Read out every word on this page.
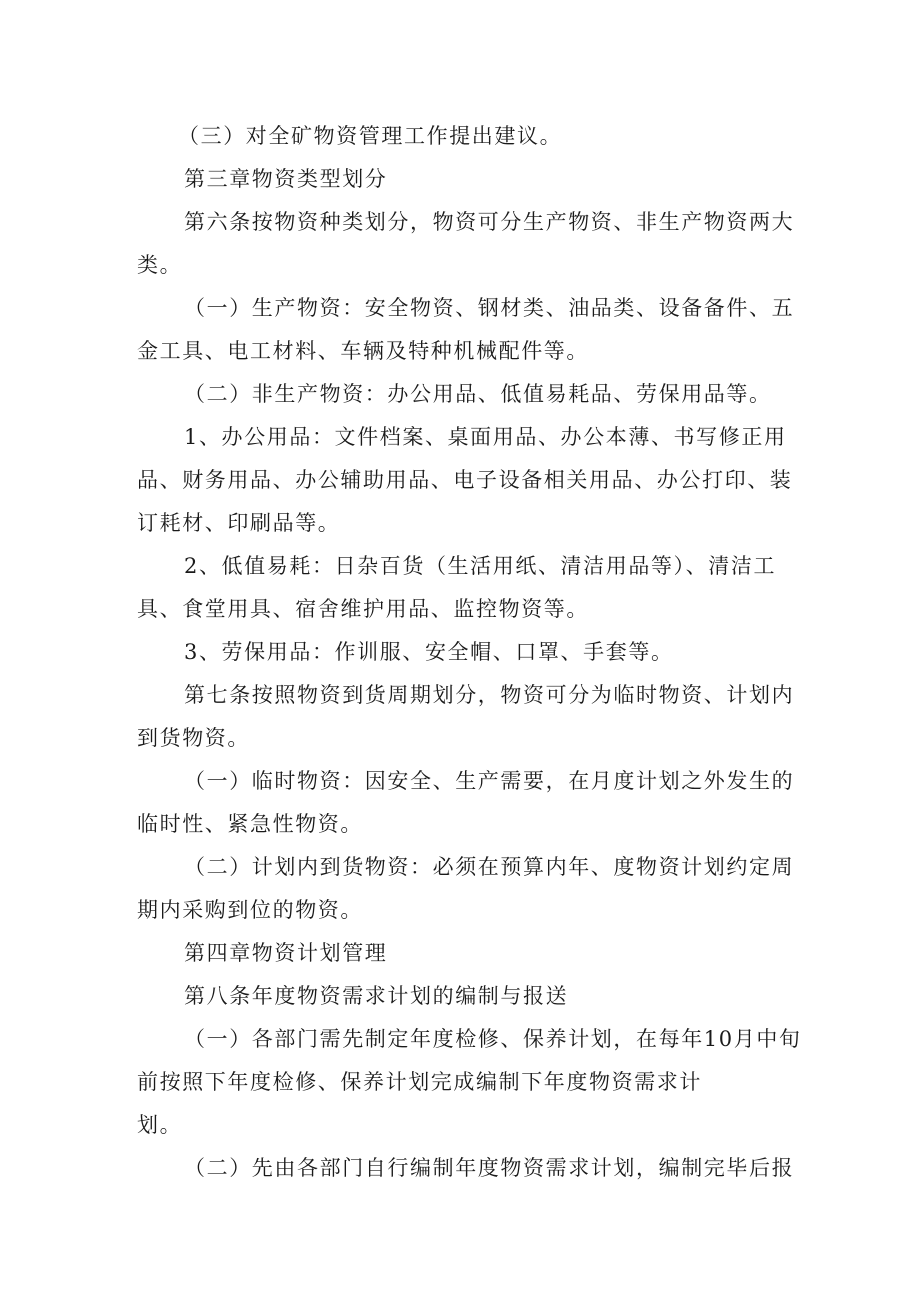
（三）对全矿物资管理工作提出建议。
第三章物资类型划分
第六条按物资种类划分，物资可分生产物资、非生产物资两大
类。
（一）生产物资：安全物资、钢材类、油品类、设备备件、五
金工具、电工材料、车辆及特种机械配件等。
（二）非生产物资：办公用品、低值易耗品、劳保用品等。
1、办公用品：文件档案、桌面用品、办公本薄、书写修正用
品、财务用品、办公辅助用品、电子设备相关用品、办公打印、装
订耗材、印刷品等。
2、低值易耗：日杂百货（生活用纸、清洁用品等）、清洁工
具、食堂用具、宿舍维护用品、监控物资等。
3、劳保用品：作训服、安全帽、口罩、手套等。
第七条按照物资到货周期划分，物资可分为临时物资、计划内
到货物资。
（一）临时物资：因安全、生产需要，在月度计划之外发生的
临时性、紧急性物资。
（二）计划内到货物资：必须在预算内年、度物资计划约定周
期内采购到位的物资。
第四章物资计划管理
第八条年度物资需求计划的编制与报送
（一）各部门需先制定年度检修、保养计划，在每年10月中旬
前按照下年度检修、保养计划完成编制下年度物资需求计
划。
（二）先由各部门自行编制年度物资需求计划，编制完毕后报
